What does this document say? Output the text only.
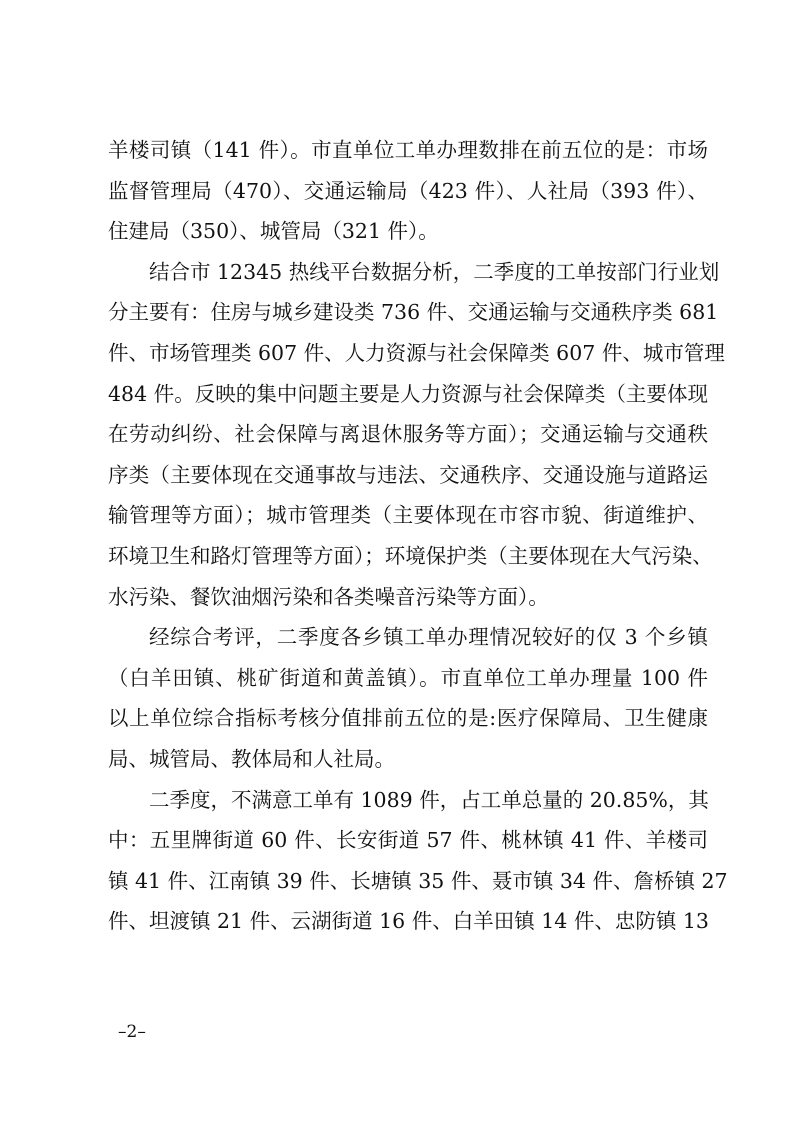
羊楼司镇（141 件）。市直单位工单办理数排在前五位的是：市场
监督管理局（470）、交通运输局（423 件）、人社局（393 件）、
住建局（350）、城管局（321 件）。
结合市 12345 热线平台数据分析，二季度的工单按部门行业划
分主要有：住房与城乡建设类 736 件、交通运输与交通秩序类 681
件、市场管理类 607 件、人力资源与社会保障类 607 件、城市管理
484 件。反映的集中问题主要是人力资源与社会保障类（主要体现
在劳动纠纷、社会保障与离退休服务等方面）；交通运输与交通秩
序类（主要体现在交通事故与违法、交通秩序、交通设施与道路运
输管理等方面）；城市管理类（主要体现在市容市貌、街道维护、
环境卫生和路灯管理等方面）；环境保护类（主要体现在大气污染、
水污染、餐饮油烟污染和各类噪音污染等方面）。
经综合考评，二季度各乡镇工单办理情况较好的仅 3 个乡镇
（白羊田镇、桃矿街道和黄盖镇）。市直单位工单办理量 100 件
以上单位综合指标考核分值排前五位的是:医疗保障局、卫生健康
局、城管局、教体局和人社局。
二季度，不满意工单有 1089 件，占工单总量的 20.85%，其
中：五里牌街道 60 件、长安街道 57 件、桃林镇 41 件、羊楼司
镇 41 件、江南镇 39 件、长塘镇 35 件、聂市镇 34 件、詹桥镇 27
件、坦渡镇 21 件、云湖街道 16 件、白羊田镇 14 件、忠防镇 13
–2–
